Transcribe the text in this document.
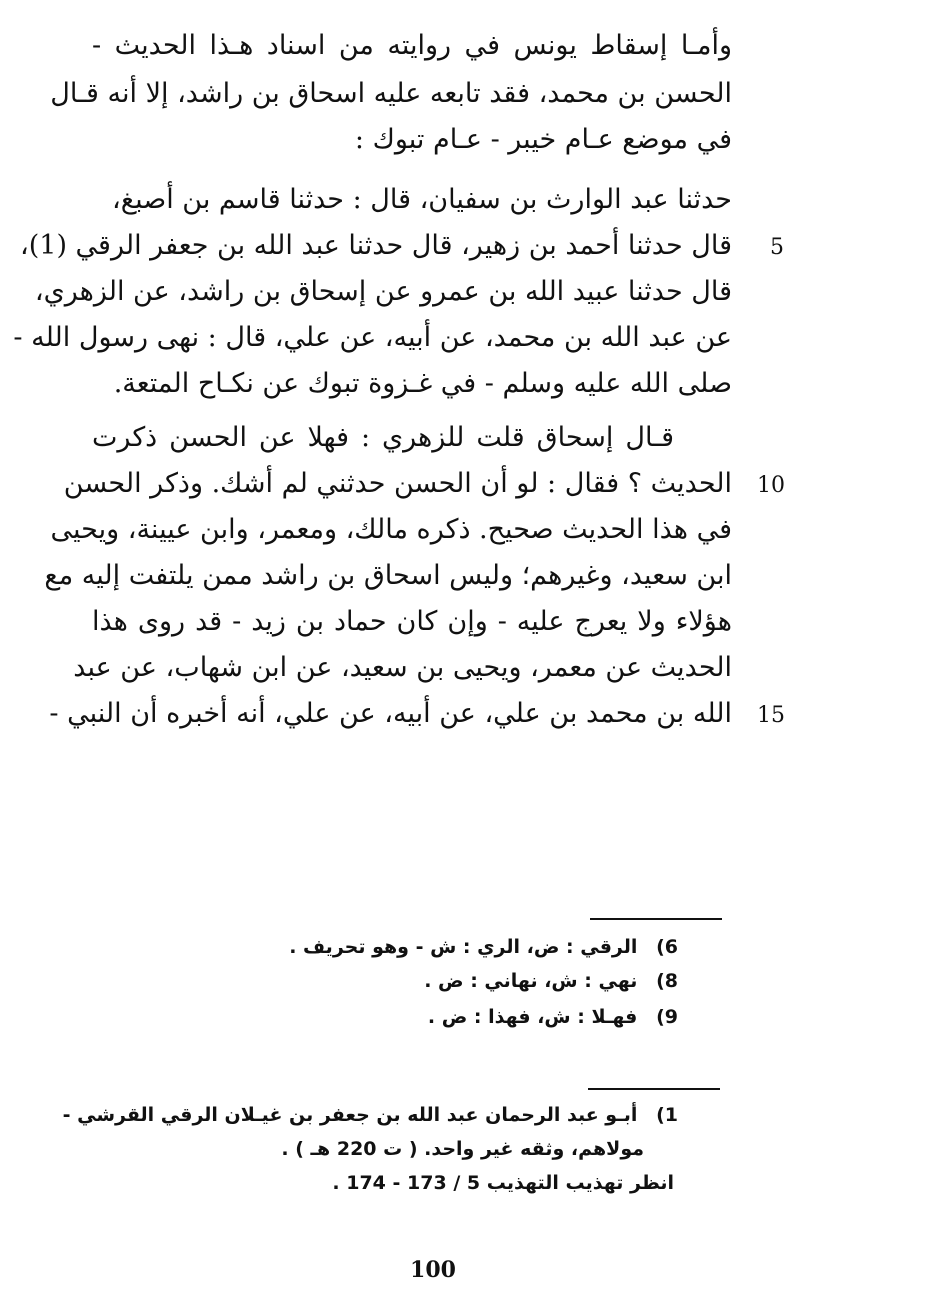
وأمـا إسقاط يونس في روايته من اسناد هـذا الحديث -
الحسن بن محمد، فقد تابعه عليه اسحاق بن راشد، إلا أنه قـال
في موضع عـام خيبر - عـام تبوك :
حدثنا عبد الوارث بن سفيان، قال : حدثنا قاسم بن أصبغ،
قال حدثنا أحمد بن زهير، قال حدثنا عبد الله بن جعفر الرقي (1)،
قال حدثنا عبيد الله بن عمرو عن إسحاق بن راشد، عن الزهري،
عن عبد الله بن محمد، عن أبيه، عن علي، قال : نهى رسول الله -
صلى الله عليه وسلم - في غـزوة تبوك عن نكـاح المتعة.
قـال إسحاق قلت للزهري : فهلا عن الحسن ذكرت
الحديث ؟ فقال : لو أن الحسن حدثني لم أشك. وذكر الحسن
في هذا الحديث صحيح. ذكره مالك، ومعمر، وابن عيينة، ويحيى
ابن سعيد، وغيرهم؛ وليس اسحاق بن راشد ممن يلتفت إليه مع
هؤلاء ولا يعرج عليه - وإن كان حماد بن زيد - قد روى هذا
الحديث عن معمر، ويحيى بن سعيد، عن ابن شهاب، عن عبد
الله بن محمد بن علي، عن أبيه، عن علي، أنه أخبره أن النبي -
5
10
15
6) الرقي : ض، الري : ش - وهو تحريف .
8) نهي : ش، نهاني : ض .
9) فهـلا : ش، فهذا : ض .
1) أبـو عبد الرحمان عبد الله بن جعفر بن غيـلان الرقي القرشي -
مولاهم، وثقه غير واحد. ( ت 220 هـ ) .
انظر تهذيب التهذيب 5 / 173 - 174 .
100
